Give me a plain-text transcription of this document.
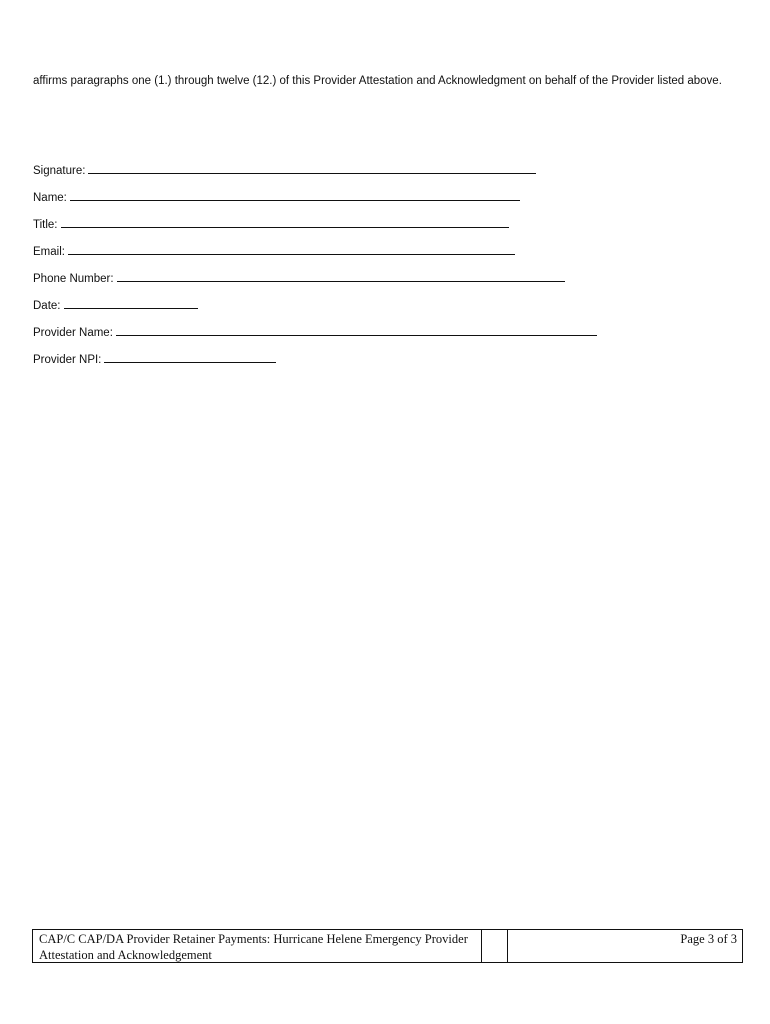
affirms paragraphs one (1.) through twelve (12.) of this Provider Attestation and Acknowledgment on behalf of the Provider listed above.

Signature:
Name:
Title:
Email:
Phone Number:
Date:
Provider Name:
Provider NPI:
CAP/C CAP/DA Provider Retainer Payments: Hurricane Helene Emergency Provider Attestation and Acknowledgement
Page 3 of 3
